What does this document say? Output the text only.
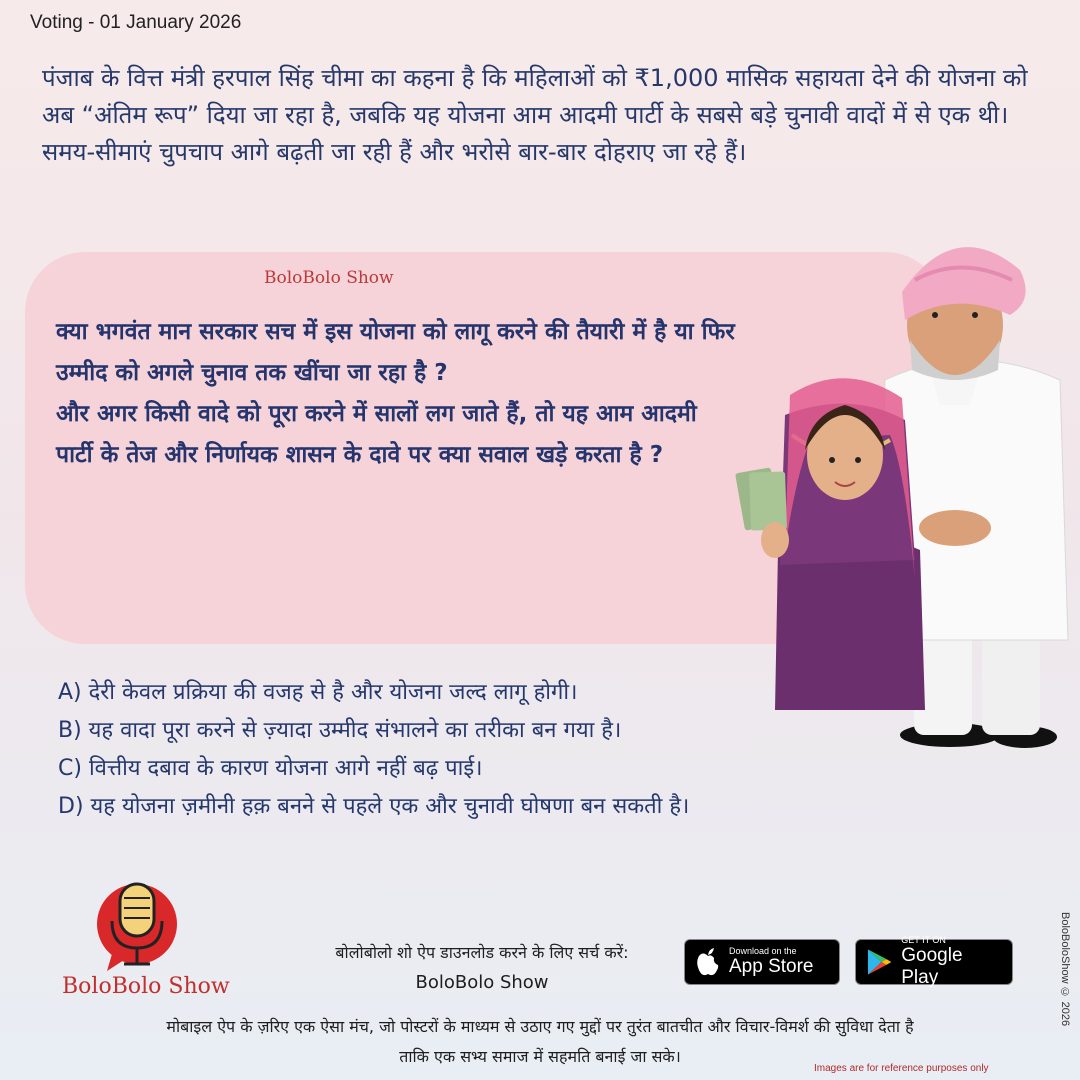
Voting - 01 January 2026
पंजाब के वित्त मंत्री हरपाल सिंह चीमा का कहना है कि महिलाओं को ₹1,000 मासिक सहायता देने की योजना को अब “अंतिम रूप” दिया जा रहा है, जबकि यह योजना आम आदमी पार्टी के सबसे बड़े चुनावी वादों में से एक थी। समय-सीमाएं चुपचाप आगे बढ़ती जा रही हैं और भरोसे बार-बार दोहराए जा रहे हैं।
BoloBolo Show

क्या भगवंत मान सरकार सच में इस योजना को लागू करने की तैयारी में है या फिर उम्मीद को अगले चुनाव तक खींचा जा रहा है ?

और अगर किसी वादे को पूरा करने में सालों लग जाते हैं, तो यह आम आदमी पार्टी के तेज और निर्णायक शासन के दावे पर क्या सवाल खड़े करता है ?

A) देरी केवल प्रक्रिया की वजह से है और योजना जल्द लागू होगी।
B) यह वादा पूरा करने से ज़्यादा उम्मीद संभालने का तरीका बन गया है।
C) वित्तीय दबाव के कारण योजना आगे नहीं बढ़ पाई।
D) यह योजना ज़मीनी हक़ बनने से पहले एक और चुनावी घोषणा बन सकती है।
BoloBolo Show
बोलोबोलो शो ऐप डाउनलोड करने के लिए सर्च करें:
BoloBolo Show
Download on the
App Store
GET IT ON
Google Play
मोबाइल ऐप के ज़रिए एक ऐसा मंच, जो पोस्टरों के माध्यम से उठाए गए मुद्दों पर तुरंत बातचीत और विचार-विमर्श की सुविधा देता है
ताकि एक सभ्य समाज में सहमति बनाई जा सके।
BoloBoloShow © 2026
Images are for reference purposes only
